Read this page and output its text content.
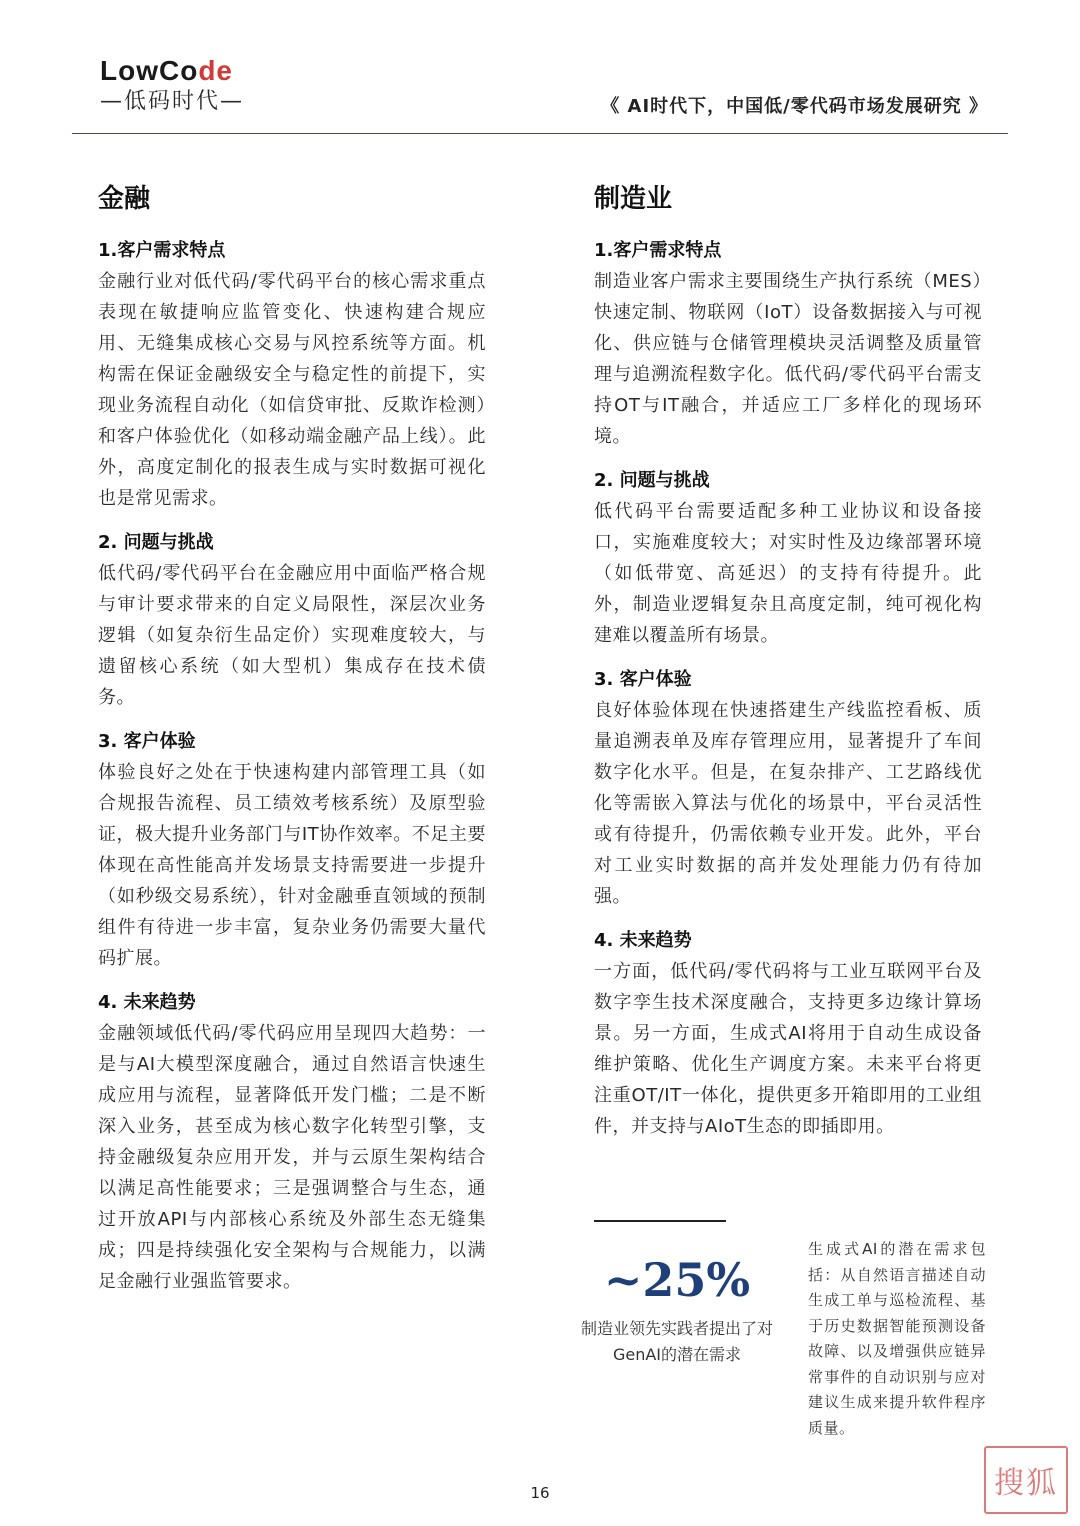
LowCode
—低码时代—	《 AI时代下，中国低/零代码市场发展研究 》
金融
1.客户需求特点

金融行业对低代码/零代码平台的核心需求重点表现在敏捷响应监管变化、快速构建合规应用、无缝集成核心交易与风控系统等方面。机构需在保证金融级安全与稳定性的前提下，实现业务流程自动化（如信贷审批、反欺诈检测）和客户体验优化（如移动端金融产品上线）。此外，高度定制化的报表生成与实时数据可视化也是常见需求。

2. 问题与挑战

低代码/零代码平台在金融应用中面临严格合规与审计要求带来的自定义局限性，深层次业务逻辑（如复杂衍生品定价）实现难度较大，与遗留核心系统（如大型机）集成存在技术债务。

3. 客户体验

体验良好之处在于快速构建内部管理工具（如合规报告流程、员工绩效考核系统）及原型验证，极大提升业务部门与IT协作效率。不足主要体现在高性能高并发场景支持需要进一步提升（如秒级交易系统），针对金融垂直领域的预制组件有待进一步丰富，复杂业务仍需要大量代码扩展。

4. 未来趋势

金融领域低代码/零代码应用呈现四大趋势：一是与AI大模型深度融合，通过自然语言快速生成应用与流程，显著降低开发门槛；二是不断深入业务，甚至成为核心数字化转型引擎，支持金融级复杂应用开发，并与云原生架构结合以满足高性能要求；三是强调整合与生态，通过开放API与内部核心系统及外部生态无缝集成；四是持续强化安全架构与合规能力，以满足金融行业强监管要求。

制造业
1.客户需求特点

制造业客户需求主要围绕生产执行系统（MES）快速定制、物联网（IoT）设备数据接入与可视化、供应链与仓储管理模块灵活调整及质量管理与追溯流程数字化。低代码/零代码平台需支持OT与IT融合，并适应工厂多样化的现场环境。

2. 问题与挑战

低代码平台需要适配多种工业协议和设备接口，实施难度较大；对实时性及边缘部署环境（如低带宽、高延迟）的支持有待提升。此外，制造业逻辑复杂且高度定制，纯可视化构建难以覆盖所有场景。

3. 客户体验

良好体验体现在快速搭建生产线监控看板、质量追溯表单及库存管理应用，显著提升了车间数字化水平。但是，在复杂排产、工艺路线优化等需嵌入算法与优化的场景中，平台灵活性或有待提升，仍需依赖专业开发。此外，平台对工业实时数据的高并发处理能力仍有待加强。

4. 未来趋势

一方面，低代码/零代码将与工业互联网平台及数字孪生技术深度融合，支持更多边缘计算场景。另一方面，生成式AI将用于自动生成设备维护策略、优化生产调度方案。未来平台将更注重OT/IT一体化，提供更多开箱即用的工业组件，并支持与AIoT生态的即插即用。

~25%
制造业领先实践者提出了对GenAI的潜在需求
生成式AI的潜在需求包括：从自然语言描述自动生成工单与巡检流程、基于历史数据智能预测设备故障、以及增强供应链异常事件的自动识别与应对建议生成来提升软件程序质量。
16	搜狐
